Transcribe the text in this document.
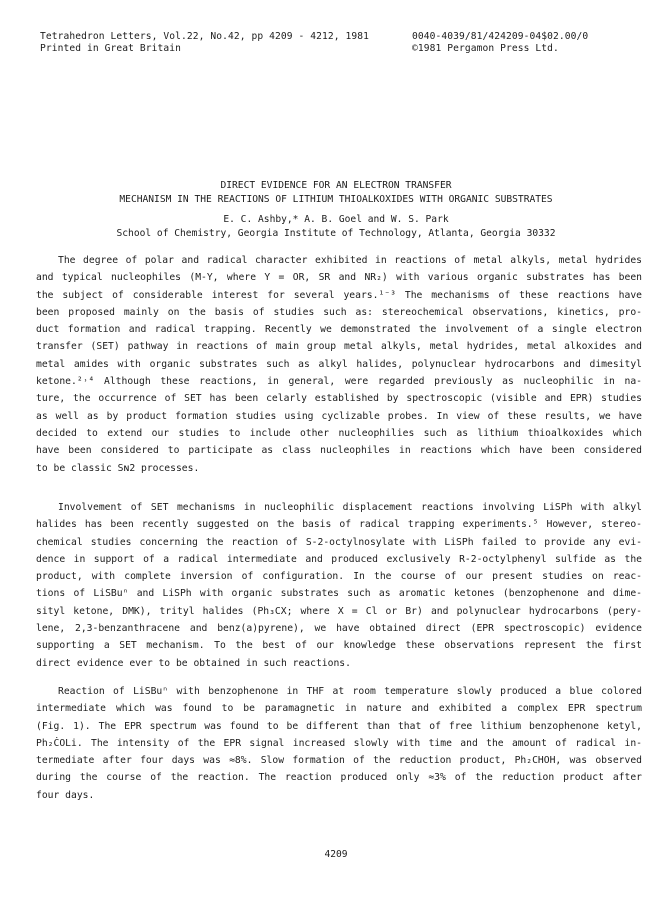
Tetrahedron Letters, Vol.22, No.42, pp 4209 - 4212, 1981
Printed in Great Britain
0040-4039/81/424209-04$02.00/0
©1981 Pergamon Press Ltd.
DIRECT EVIDENCE FOR AN ELECTRON TRANSFER
MECHANISM IN THE REACTIONS OF LITHIUM THIOALKOXIDES WITH ORGANIC SUBSTRATES
E. C. Ashby,* A. B. Goel and W. S. Park
School of Chemistry, Georgia Institute of Technology, Atlanta, Georgia 30332
The degree of polar and radical character exhibited in reactions of metal alkyls, metal hydrides
and typical nucleophiles (M-Y, where Y = OR, SR and NR₂) with various organic substrates has been
the subject of considerable interest for several years.¹⁻³ The mechanisms of these reactions have
been proposed mainly on the basis of studies such as: stereochemical observations, kinetics, pro-
duct formation and radical trapping. Recently we demonstrated the involvement of a single electron
transfer (SET) pathway in reactions of main group metal alkyls, metal hydrides, metal alkoxides and
metal amides with organic substrates such as alkyl halides, polynuclear hydrocarbons and dimesityl
ketone.²˒⁴ Although these reactions, in general, were regarded previously as nucleophilic in na-
ture, the occurrence of SET has been celarly established by spectroscopic (visible and EPR) studies
as well as by product formation studies using cyclizable probes. In view of these results, we have
decided to extend our studies to include other nucleophilies such as lithium thioalkoxides which
have been considered to participate as class nucleophiles in reactions which have been considered
to be classic Sɴ2 processes.
Involvement of SET mechanisms in nucleophilic displacement reactions involving LiSPh with alkyl
halides has been recently suggested on the basis of radical trapping experiments.⁵ However, stereo-
chemical studies concerning the reaction of S-2-octylnosylate with LiSPh failed to provide any evi-
dence in support of a radical intermediate and produced exclusively R-2-octylphenyl sulfide as the
product, with complete inversion of configuration. In the course of our present studies on reac-
tions of LiSBuⁿ and LiSPh with organic substrates such as aromatic ketones (benzophenone and dime-
sityl ketone, DMK), trityl halides (Ph₃CX; where X = Cl or Br) and polynuclear hydrocarbons (pery-
lene, 2,3-benzanthracene and benz(a)pyrene), we have obtained direct (EPR spectroscopic) evidence
supporting a SET mechanism. To the best of our knowledge these observations represent the first
direct evidence ever to be obtained in such reactions.
Reaction of LiSBuⁿ with benzophenone in THF at room temperature slowly produced a blue colored
intermediate which was found to be paramagnetic in nature and exhibited a complex EPR spectrum
(Fig. 1). The EPR spectrum was found to be different than that of free lithium benzophenone ketyl,
Ph₂ĊOLi. The intensity of the EPR signal increased slowly with time and the amount of radical in-
termediate after four days was ≈8%. Slow formation of the reduction product, Ph₂CHOH, was observed
during the course of the reaction. The reaction produced only ≈3% of the reduction product after
four days.
4209
